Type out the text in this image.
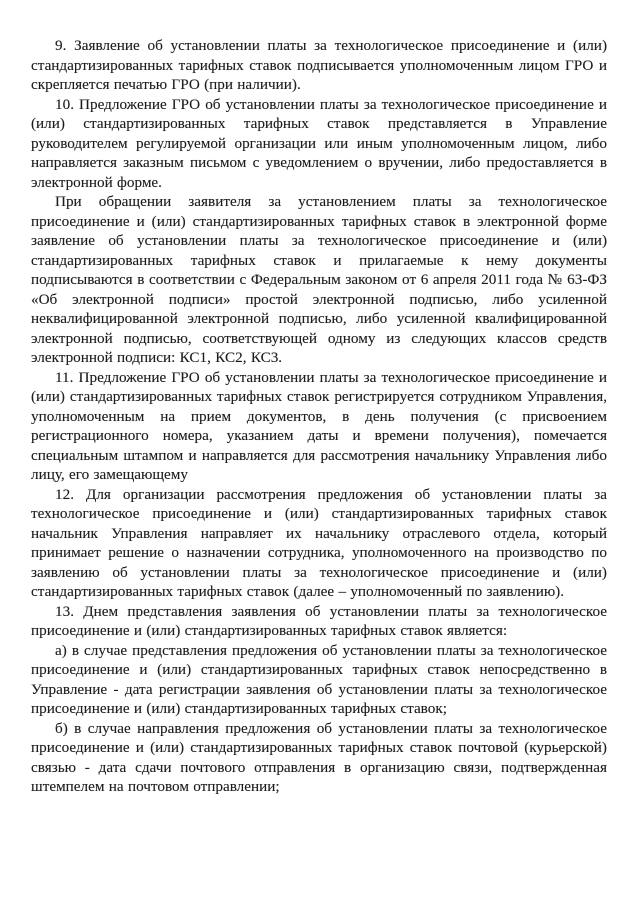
9. Заявление об установлении платы за технологическое присоединение и (или) стандартизированных тарифных ставок подписывается уполномоченным лицом ГРО и скрепляется печатью ГРО (при наличии).

10. Предложение ГРО об установлении платы за технологическое присоединение и (или) стандартизированных тарифных ставок представляется в Управление руководителем регулируемой организации или иным уполномоченным лицом, либо направляется заказным письмом с уведомлением о вручении, либо предоставляется в электронной форме.

При обращении заявителя за установлением платы за технологическое присоединение и (или) стандартизированных тарифных ставок в электронной форме заявление об установлении платы за технологическое присоединение и (или) стандартизированных тарифных ставок и прилагаемые к нему документы подписываются в соответствии с Федеральным законом от 6 апреля 2011 года № 63-ФЗ «Об электронной подписи» простой электронной подписью, либо усиленной неквалифицированной электронной подписью, либо усиленной квалифицированной электронной подписью, соответствующей одному из следующих классов средств электронной подписи: КС1, КС2, КС3.

11. Предложение ГРО об установлении платы за технологическое присоединение и (или) стандартизированных тарифных ставок регистрируется сотрудником Управления, уполномоченным на прием документов, в день получения (с присвоением регистрационного номера, указанием даты и времени получения), помечается специальным штампом и направляется для рассмотрения начальнику Управления либо лицу, его замещающему

12. Для организации рассмотрения предложения об установлении платы за технологическое присоединение и (или) стандартизированных тарифных ставок начальник Управления направляет их начальнику отраслевого отдела, который принимает решение о назначении сотрудника, уполномоченного на производство по заявлению об установлении платы за технологическое присоединение и (или) стандартизированных тарифных ставок (далее – уполномоченный по заявлению).

13. Днем представления заявления об установлении платы за технологическое присоединение и (или) стандартизированных тарифных ставок является:

а) в случае представления предложения об установлении платы за технологическое присоединение и (или) стандартизированных тарифных ставок непосредственно в Управление - дата регистрации заявления об установлении платы за технологическое присоединение и (или) стандартизированных тарифных ставок;

б) в случае направления предложения об установлении платы за технологическое присоединение и (или) стандартизированных тарифных ставок почтовой (курьерской) связью - дата сдачи почтового отправления в организацию связи, подтвержденная штемпелем на почтовом отправлении;
